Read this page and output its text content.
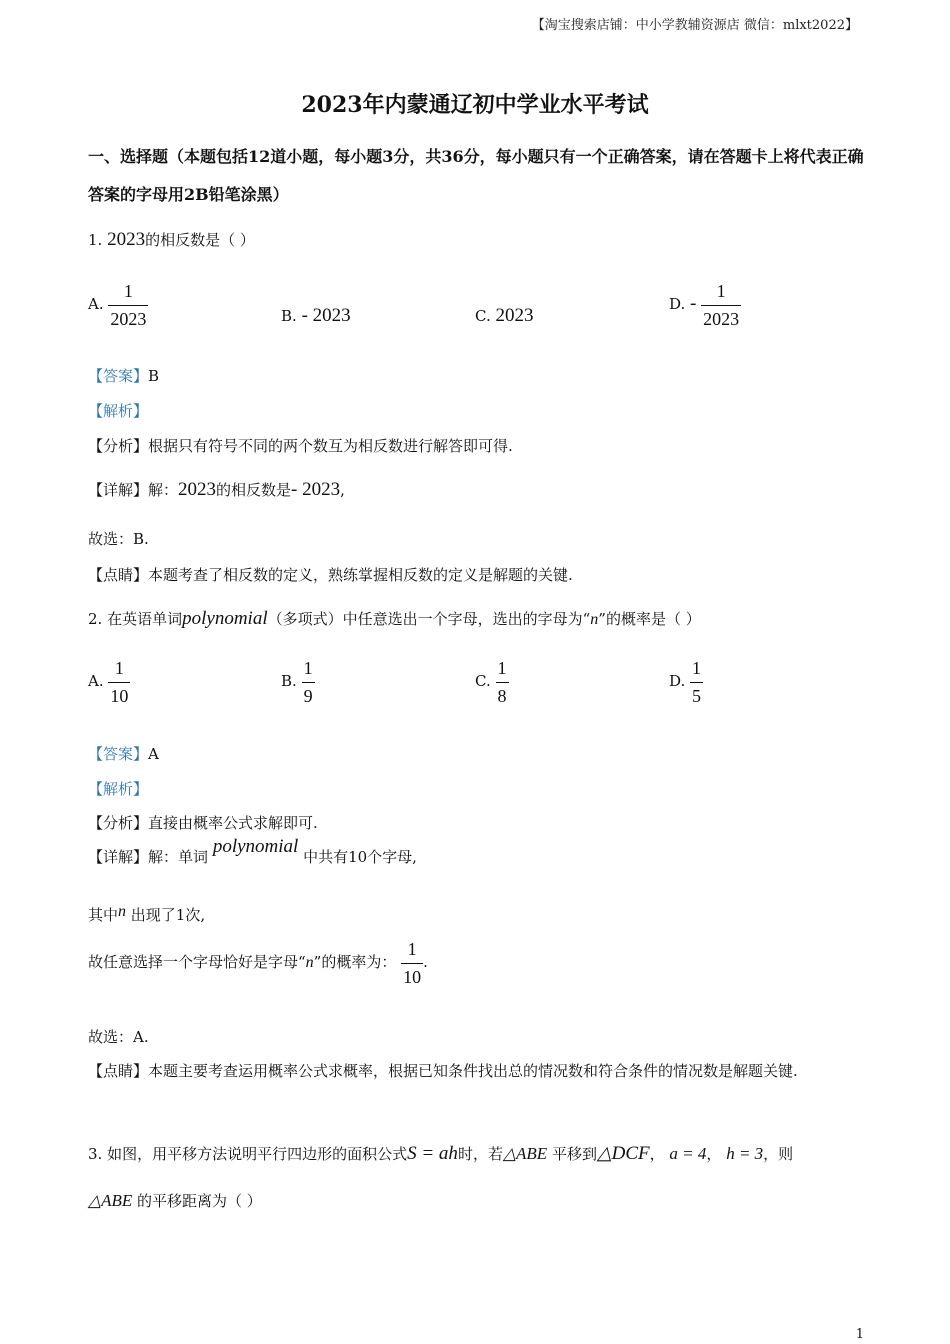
【淘宝搜索店铺：中小学教辅资源店 微信：mlxt2022】
2023年内蒙通辽初中学业水平考试
一、选择题（本题包括12道小题，每小题3分，共36分，每小题只有一个正确答案，请在答题卡上将代表正确答案的字母用2B铅笔涂黑）
1. 2023的相反数是（ ）
A. $\frac{1}{2023}$	B. - 2023	C. 2023
D. - $\frac{1}{2023}$
【答案】B
【解析】
【分析】根据只有符号不同的两个数互为相反数进行解答即可得.
【详解】解：2023的相反数是- 2023,
故选：B.
【点睛】本题考查了相反数的定义，熟练掌握相反数的定义是解题的关键.
2. 在英语单词polynomial（多项式）中任意选出一个字母，选出的字母为“n”的概率是（ ）
A. $\frac{1}{10}$	B. $\frac{1}{9}$	C. $\frac{1}{8}$	D. $\frac{1}{5}$
【答案】A
【解析】
【分析】直接由概率公式求解即可.
【详解】解：单词 polynomial 中共有10个字母,
其中n 出现了1次,
故任意选择一个字母恰好是字母“n”的概率为： $\frac{1}{10}$ .
故选：A.
【点睛】本题主要考查运用概率公式求概率，根据已知条件找出总的情况数和符合条件的情况数是解题关键.
3. 如图，用平移方法说明平行四边形的面积公式S = ah时，若△ABE 平移到△DCF， a = 4， h = 3，则
△ABE 的平移距离为（ ）
1
